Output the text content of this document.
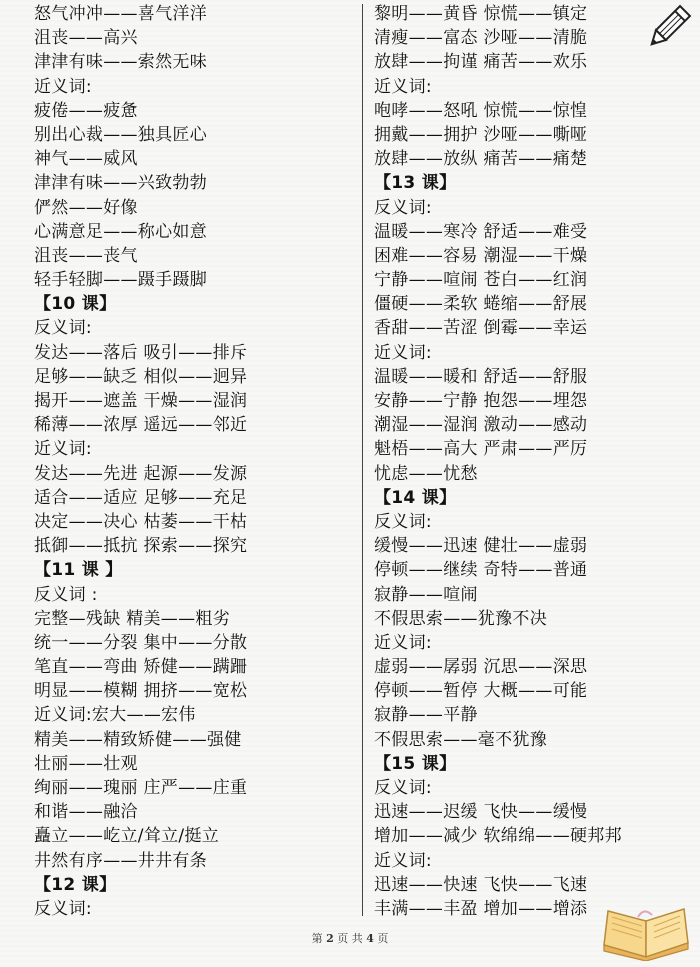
怒气冲冲——喜气洋洋
沮丧——高兴
津津有味——索然无味
近义词:
疲倦——疲惫
别出心裁——独具匠心
神气——威风
津津有味——兴致勃勃
俨然——好像
心满意足——称心如意
沮丧——丧气
轻手轻脚——蹑手蹑脚
【10 课】
反义词:
发达——落后 吸引——排斥
足够——缺乏 相似——迥异
揭开——遮盖 干燥——湿润
稀薄——浓厚 遥远——邻近
近义词:
发达——先进 起源——发源
适合——适应 足够——充足
决定——决心 枯萎——干枯
抵御——抵抗 探索——探究
【11 课 】
反义词 :
完整—残缺 精美——粗劣
统一——分裂 集中——分散
笔直——弯曲 矫健——蹒跚
明显——模糊 拥挤——宽松
近义词:宏大——宏伟
精美——精致矫健——强健
壮丽——壮观
绚丽——瑰丽 庄严——庄重
和谐——融洽
矗立——屹立/耸立/挺立
井然有序——井井有条
【12 课】
反义词:
黎明——黄昏 惊慌——镇定
清瘦——富态 沙哑——清脆
放肆——拘谨 痛苦——欢乐
近义词:
咆哮——怒吼 惊慌——惊惶
拥戴——拥护 沙哑——嘶哑
放肆——放纵 痛苦——痛楚
【13 课】
反义词:
温暖——寒冷 舒适——难受
困难——容易 潮湿——干燥
宁静——喧闹 苍白——红润
僵硬——柔软 蜷缩——舒展
香甜——苦涩 倒霉——幸运
近义词:
温暖——暖和 舒适——舒服
安静——宁静 抱怨——埋怨
潮湿——湿润 激动——感动
魁梧——高大 严肃——严厉
忧虑——忧愁
【14 课】
反义词:
缓慢——迅速 健壮——虚弱
停顿——继续 奇特——普通
寂静——喧闹
不假思索——犹豫不决
近义词:
虚弱——孱弱 沉思——深思
停顿——暂停 大概——可能
寂静——平静
不假思索——毫不犹豫
【15 课】
反义词:
迅速——迟缓 飞快——缓慢
增加——减少 软绵绵——硬邦邦
近义词:
迅速——快速 飞快——飞速
丰满——丰盈 增加——增添
第 2 页 共 4 页
